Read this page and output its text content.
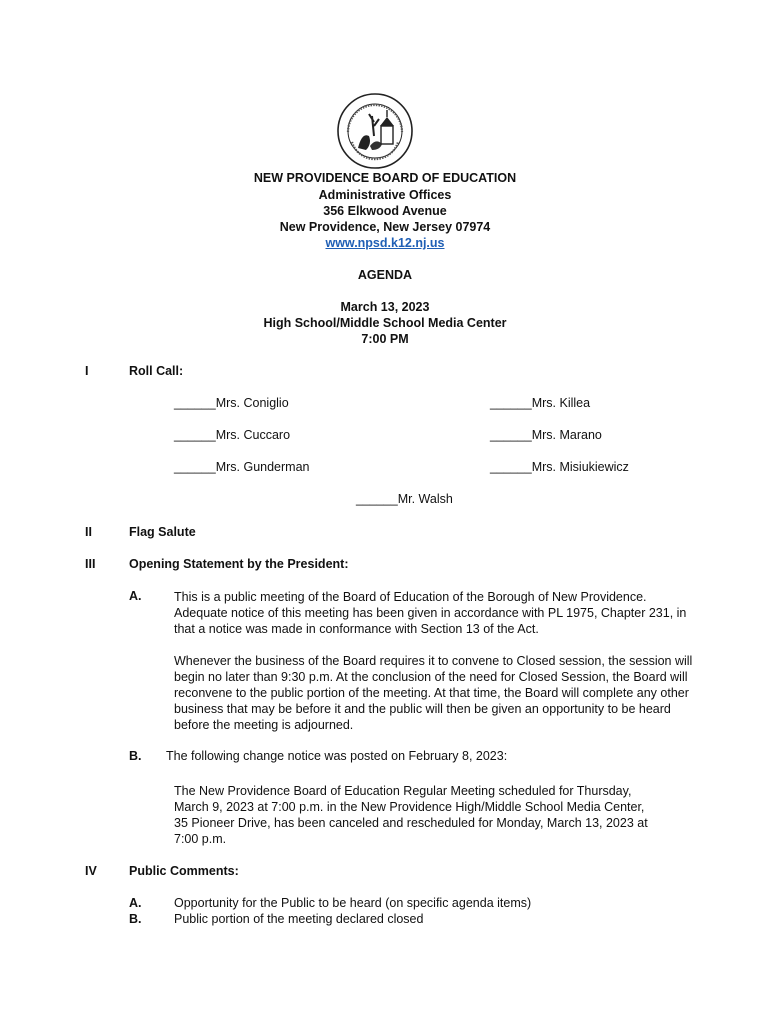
NEW PROVIDENCE BOARD OF EDUCATION
Administrative Offices
356 Elkwood Avenue
New Providence, New Jersey 07974
www.npsd.k12.nj.us
AGENDA
March 13, 2023
High School/Middle School Media Center
7:00 PM
I	Roll Call:
______Mrs. Coniglio	______Mrs. Killea
______Mrs. Cuccaro	______Mrs. Marano
______Mrs. Gunderman	______Mrs. Misiukiewicz
______Mr. Walsh
II	Flag Salute
III	Opening Statement by the President:
A.	This is a public meeting of the Board of Education of the Borough of New Providence. Adequate notice of this meeting has been given in accordance with PL 1975, Chapter 231, in that a notice was made in conformance with Section 13 of the Act.
Whenever the business of the Board requires it to convene to Closed session, the session will begin no later than 9:30 p.m. At the conclusion of the need for Closed Session, the Board will reconvene to the public portion of the meeting. At that time, the Board will complete any other business that may be before it and the public will then be given an opportunity to be heard before the meeting is adjourned.
B. The following change notice was posted on February 8, 2023:
The New Providence Board of Education Regular Meeting scheduled for Thursday, March 9, 2023 at 7:00 p.m. in the New Providence High/Middle School Media Center, 35 Pioneer Drive, has been canceled and rescheduled for Monday, March 13, 2023 at 7:00 p.m.
IV	Public Comments:
A.	Opportunity for the Public to be heard (on specific agenda items)
B.	Public portion of the meeting declared closed
